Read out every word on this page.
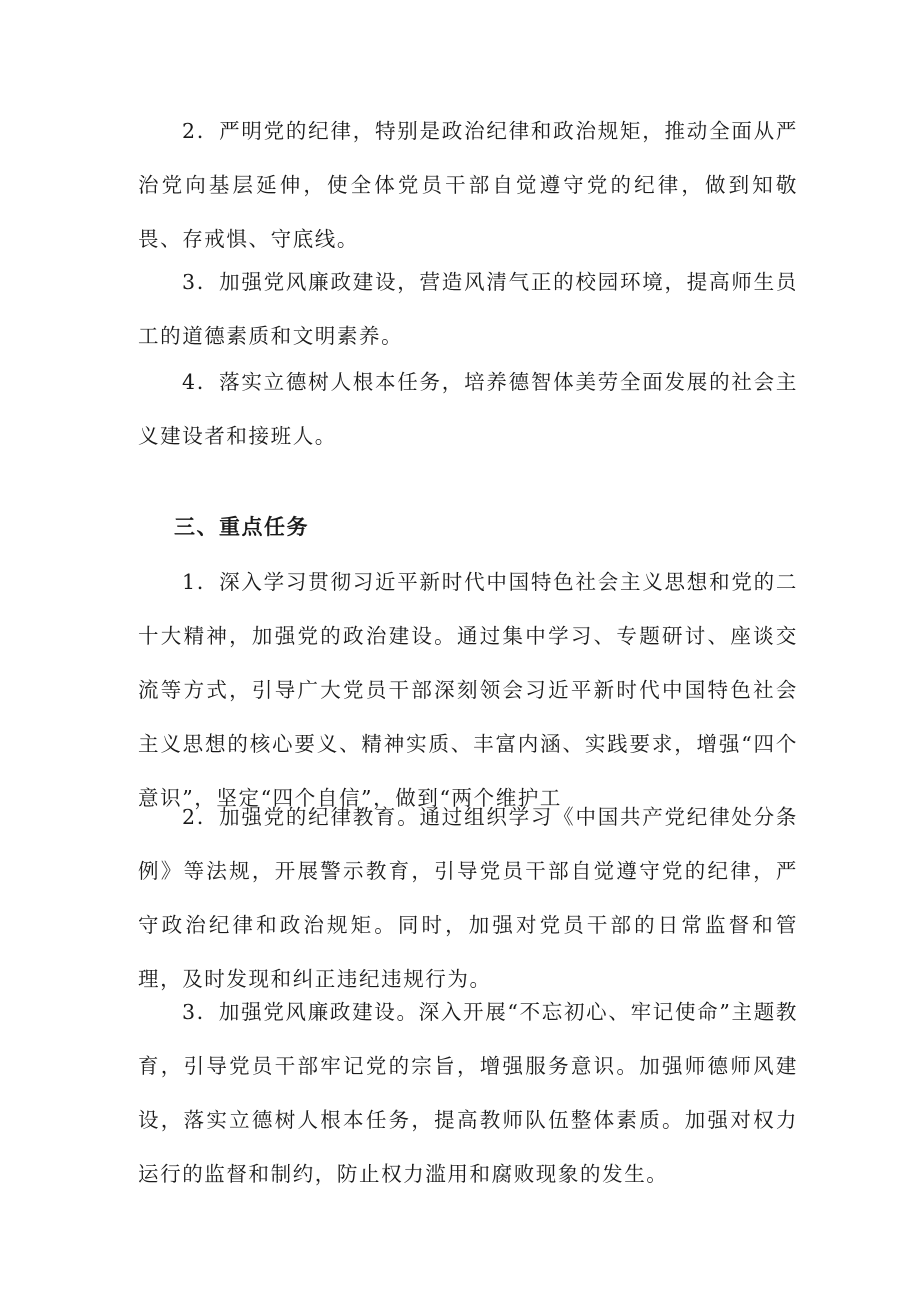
2．严明党的纪律，特别是政治纪律和政治规矩，推动全面从严治党向基层延伸，使全体党员干部自觉遵守党的纪律，做到知敬畏、存戒惧、守底线。

3．加强党风廉政建设，营造风清气正的校园环境，提高师生员工的道德素质和文明素养。

4．落实立德树人根本任务，培养德智体美劳全面发展的社会主义建设者和接班人。

三、重点任务

1．深入学习贯彻习近平新时代中国特色社会主义思想和党的二十大精神，加强党的政治建设。通过集中学习、专题研讨、座谈交流等方式，引导广大党员干部深刻领会习近平新时代中国特色社会主义思想的核心要义、精神实质、丰富内涵、实践要求，增强“四个意识”，坚定“四个自信”，做到“两个维护工

2．加强党的纪律教育。通过组织学习《中国共产党纪律处分条例》等法规，开展警示教育，引导党员干部自觉遵守党的纪律，严守政治纪律和政治规矩。同时，加强对党员干部的日常监督和管理，及时发现和纠正违纪违规行为。

3．加强党风廉政建设。深入开展“不忘初心、牢记使命”主题教育，引导党员干部牢记党的宗旨，增强服务意识。加强师德师风建设，落实立德树人根本任务，提高教师队伍整体素质。加强对权力运行的监督和制约，防止权力滥用和腐败现象的发生。
